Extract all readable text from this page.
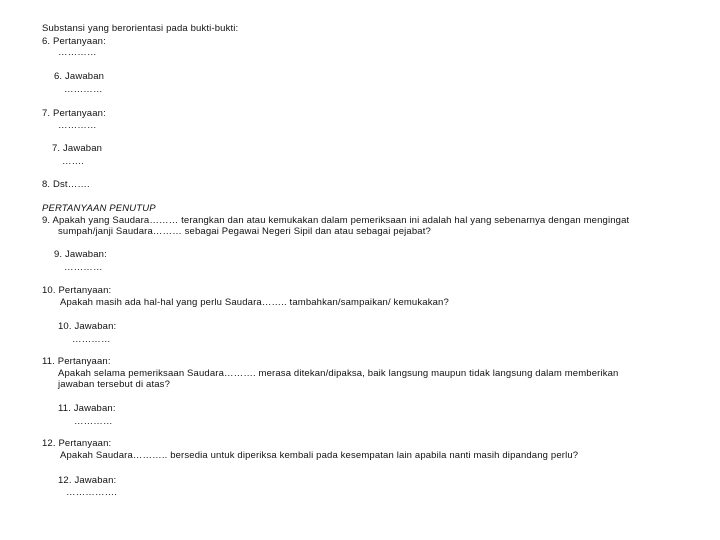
Substansi yang berorientasi pada bukti-bukti:
6. Pertanyaan:
…………
6. Jawaban
…………
7. Pertanyaan:
…………
7. Jawaban
…….
8. Dst…….
PERTANYAAN PENUTUP
9. Apakah yang Saudara……… terangkan dan atau kemukakan dalam pemeriksaan ini adalah hal yang sebenarnya dengan mengingat
sumpah/janji Saudara……… sebagai Pegawai Negeri Sipil dan atau sebagai pejabat?
9. Jawaban:
…………
10. Pertanyaan:
Apakah masih ada hal-hal yang perlu Saudara…….. tambahkan/sampaikan/ kemukakan?
10. Jawaban:
…………
11. Pertanyaan:
Apakah selama pemeriksaan Saudara………. merasa ditekan/dipaksa, baik langsung maupun tidak langsung dalam memberikan
jawaban tersebut di atas?
11. Jawaban:
…………
12. Pertanyaan:
Apakah Saudara……….. bersedia untuk diperiksa kembali pada kesempatan lain apabila nanti masih dipandang perlu?
12. Jawaban:
…………….
